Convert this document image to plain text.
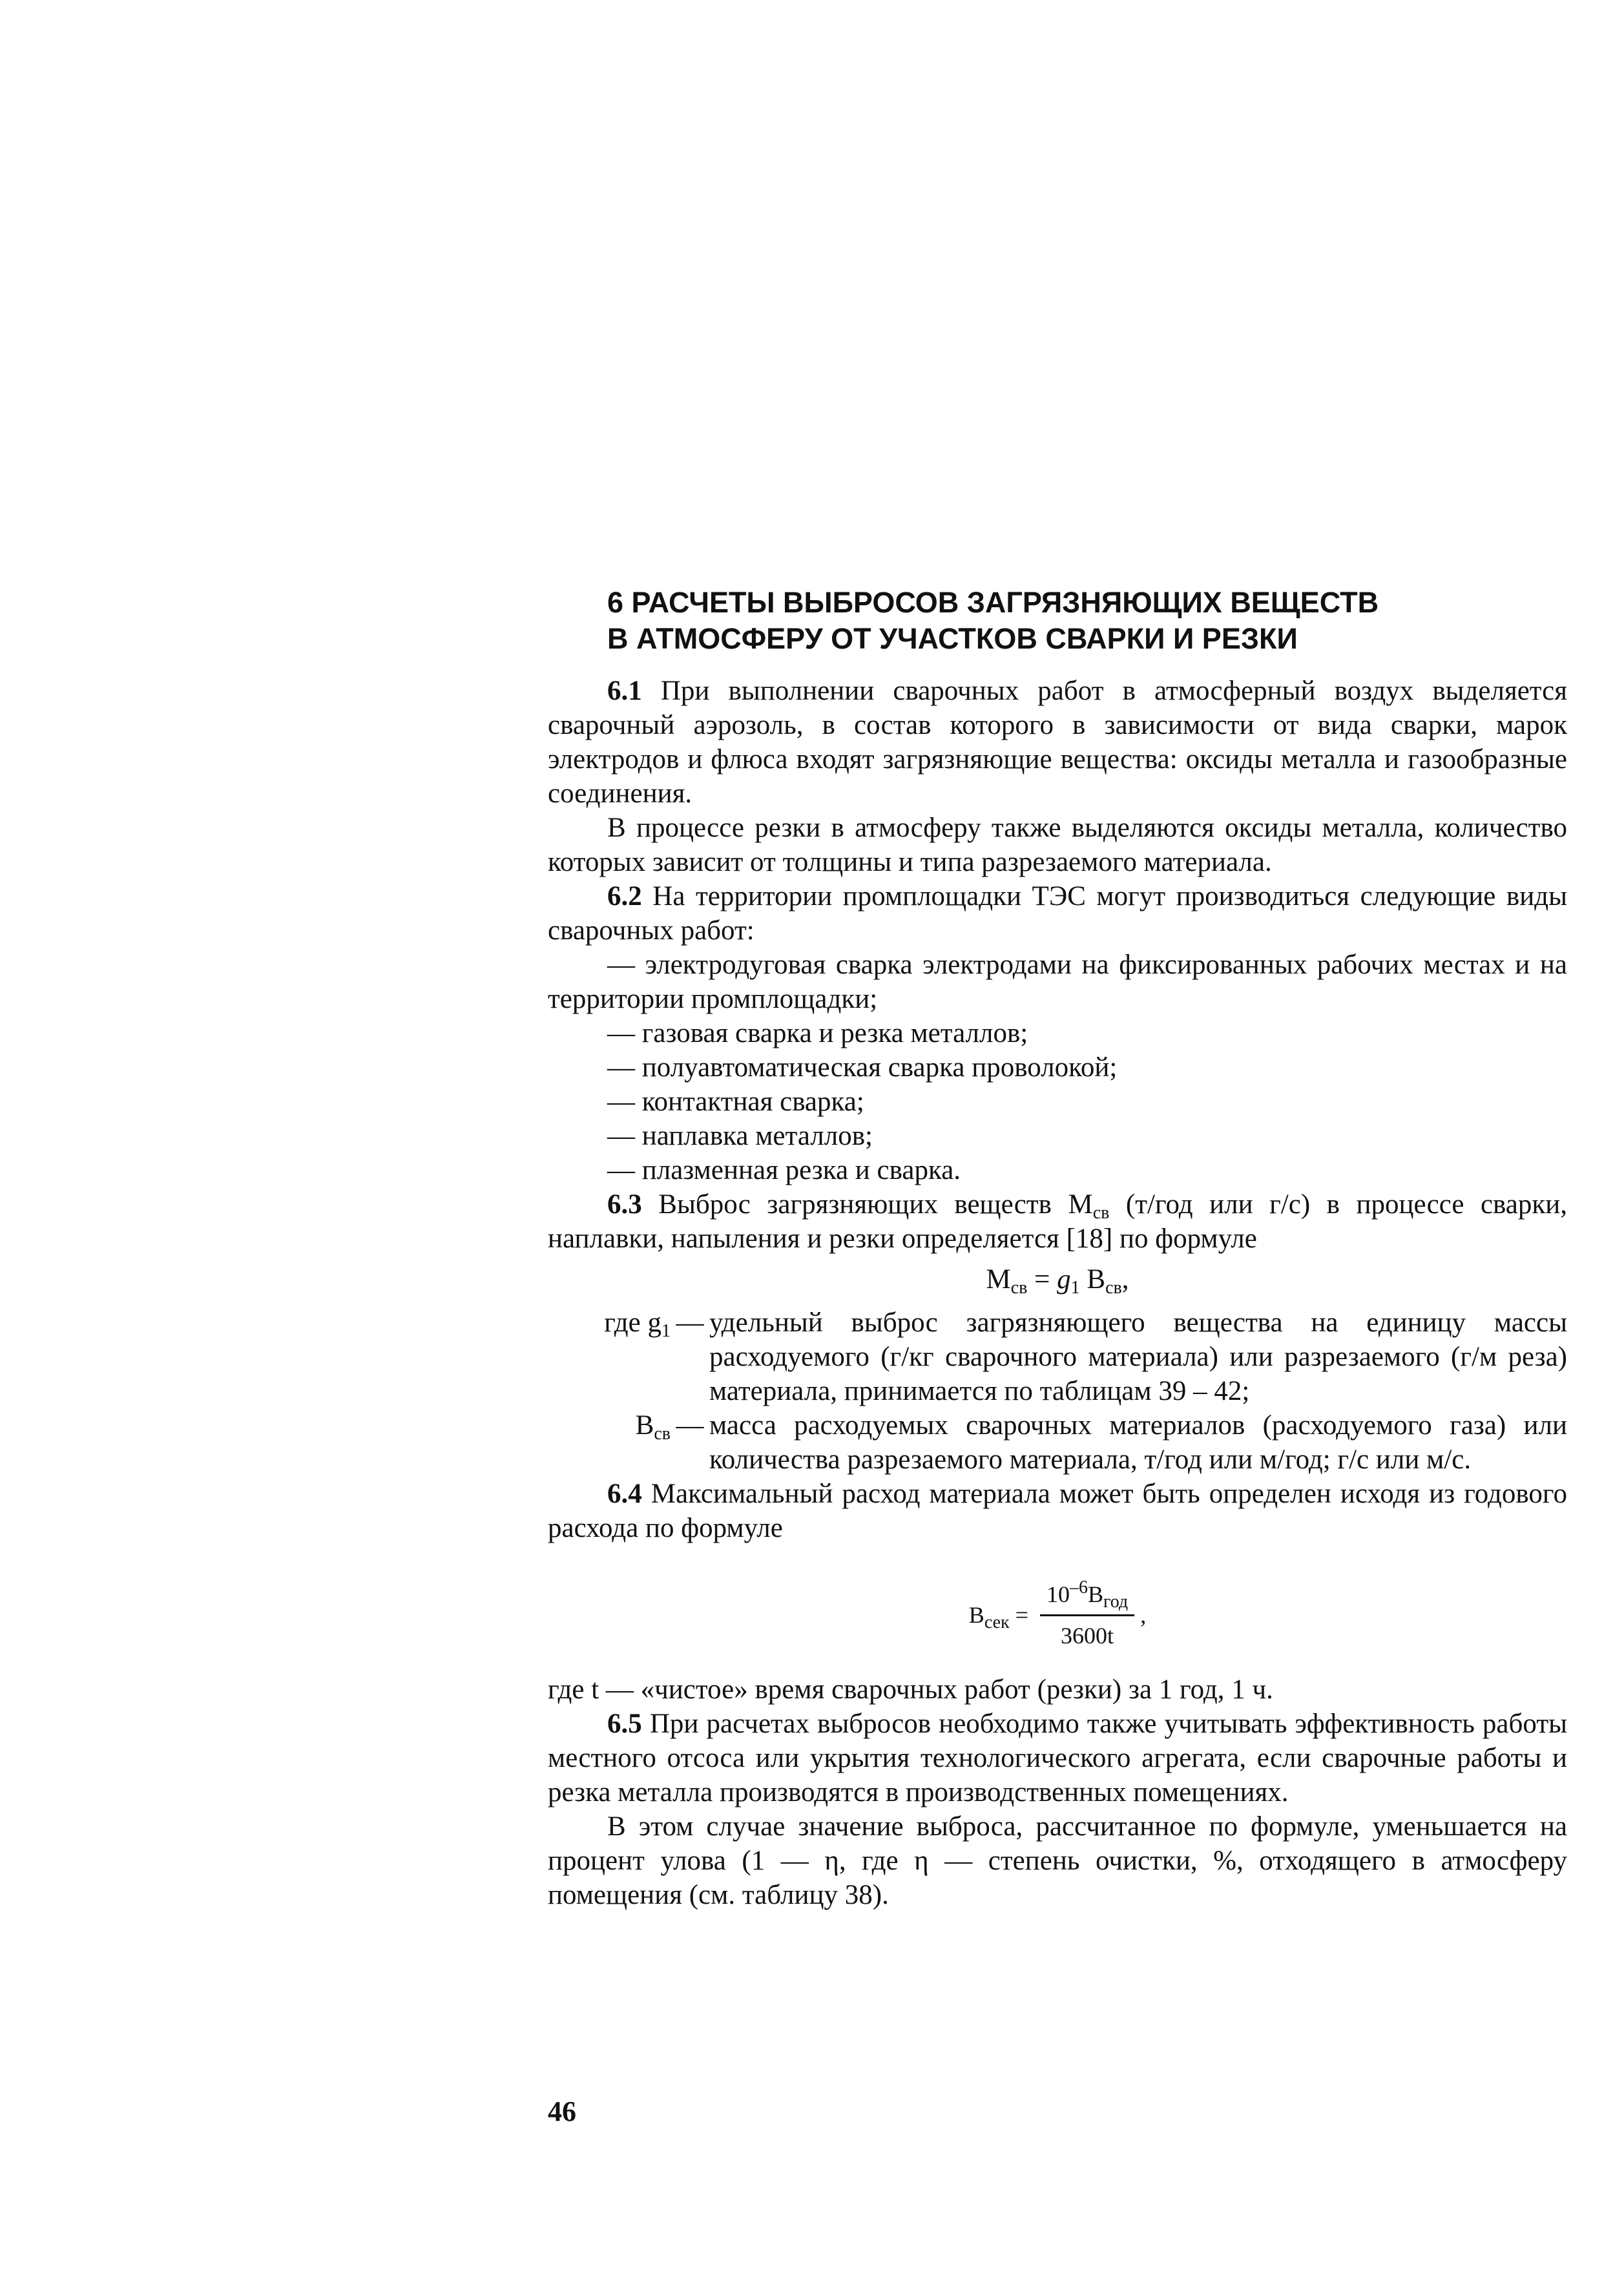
6 РАСЧЕТЫ ВЫБРОСОВ ЗАГРЯЗНЯЮЩИХ ВЕЩЕСТВ
В АТМОСФЕРУ ОТ УЧАСТКОВ СВАРКИ И РЕЗКИ

6.1 При выполнении сварочных работ в атмосферный воздух выделяется сварочный аэрозоль, в состав которого в зависимости от вида сварки, марок электродов и флюса входят загрязняющие вещества: оксиды металла и газообразные соединения.

В процессе резки в атмосферу также выделяются оксиды металла, количество которых зависит от толщины и типа разрезаемого материала.

6.2 На территории промплощадки ТЭС могут производиться следующие виды сварочных работ:

— электродуговая сварка электродами на фиксированных рабочих местах и на территории промплощадки;

— газовая сварка и резка металлов;

— полуавтоматическая сварка проволокой;

— контактная сварка;

— наплавка металлов;

— плазменная резка и сварка.

6.3 Выброс загрязняющих веществ $М_{св}$ (т/год или г/с) в процессе сварки, наплавки, напыления и резки определяется [18] по формуле

$М_{св} = g_1$ $В_{св}$,
где $g_1$ — удельный выброс загрязняющего вещества на единицу массы расходуемого (г/кг сварочного материала) или разрезаемого (г/м реза) материала, принимается по таблицам 39 – 42;
$В_{св}$ — масса расходуемых сварочных материалов (расходуемого газа) или количества разрезаемого материала, т/год или м/год; г/с или м/с.

6.4 Максимальный расход материала может быть определен исходя из годового расхода по формуле

$В_{сек} = \frac{10^{-6}В_{год}}{3600t}$ ,

где t — «чистое» время сварочных работ (резки) за 1 год, 1 ч.

6.5 При расчетах выбросов необходимо также учитывать эффективность работы местного отсоса или укрытия технологического агрегата, если сварочные работы и резка металла производятся в производственных помещениях.

В этом случае значение выброса, рассчитанное по формуле, уменьшается на процент улова (1 — η, где η — степень очистки, %, отходящего в атмосферу помещения (см. таблицу 38).

46
